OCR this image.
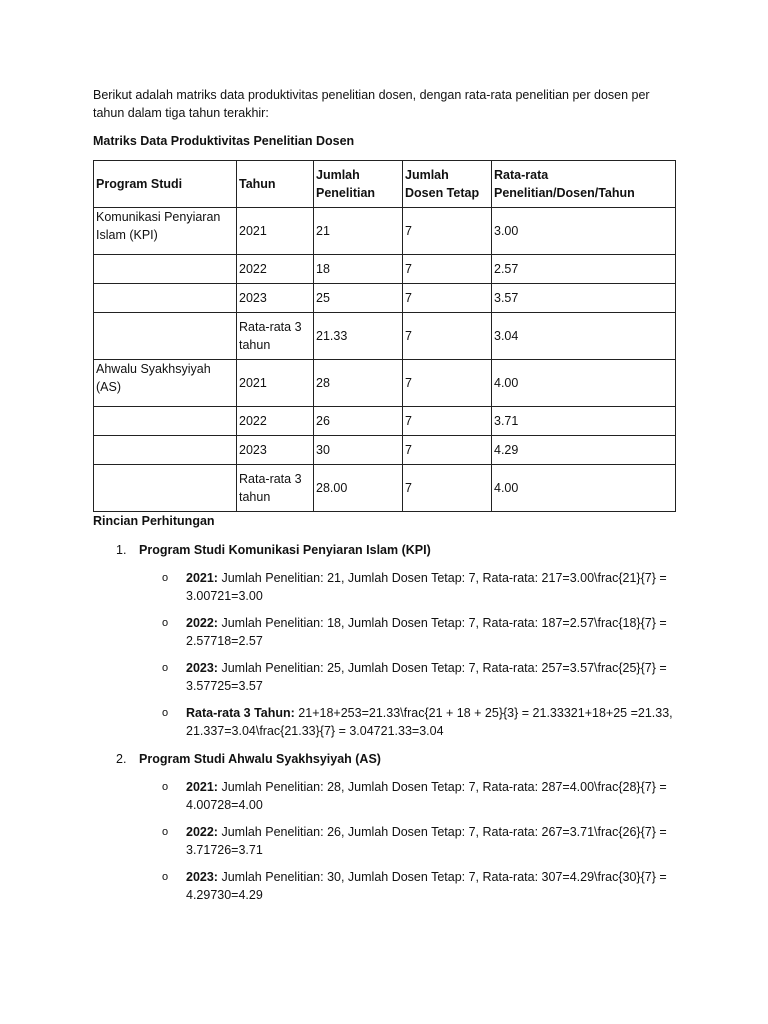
Berikut adalah matriks data produktivitas penelitian dosen, dengan rata-rata penelitian per dosen per tahun dalam tiga tahun terakhir:

Matriks Data Produktivitas Penelitian Dosen

Program Studi	Tahun	Jumlah Penelitian	Jumlah Dosen Tetap	Rata-rata Penelitian/Dosen/Tahun
Komunikasi Penyiaran Islam (KPI)	2021	21	7	3.00
	2022	18	7	2.57
	2023	25	7	3.57
	Rata-rata 3 tahun	21.33	7	3.04
Ahwalu Syakhsyiyah (AS)	2021	28	7	4.00
	2022	26	7	3.71
	2023	30	7	4.29
	Rata-rata 3 tahun	28.00	7	4.00

Rincian Perhitungan

1. Program Studi Komunikasi Penyiaran Islam (KPI)
o 2021: Jumlah Penelitian: 21, Jumlah Dosen Tetap: 7, Rata-rata: 217=3.00\frac{21}{7} = 3.00721=3.00
o 2022: Jumlah Penelitian: 18, Jumlah Dosen Tetap: 7, Rata-rata: 187=2.57\frac{18}{7} = 2.57718=2.57
o 2023: Jumlah Penelitian: 25, Jumlah Dosen Tetap: 7, Rata-rata: 257=3.57\frac{25}{7} = 3.57725=3.57
o Rata-rata 3 Tahun: 21+18+253=21.33\frac{21 + 18 + 25}{3} = 21.33321+18+25 =21.33, 21.337=3.04\frac{21.33}{7} = 3.04721.33=3.04
2. Program Studi Ahwalu Syakhsyiyah (AS)
o 2021: Jumlah Penelitian: 28, Jumlah Dosen Tetap: 7, Rata-rata: 287=4.00\frac{28}{7} = 4.00728=4.00
o 2022: Jumlah Penelitian: 26, Jumlah Dosen Tetap: 7, Rata-rata: 267=3.71\frac{26}{7} = 3.71726=3.71
o 2023: Jumlah Penelitian: 30, Jumlah Dosen Tetap: 7, Rata-rata: 307=4.29\frac{30}{7} = 4.29730=4.29
